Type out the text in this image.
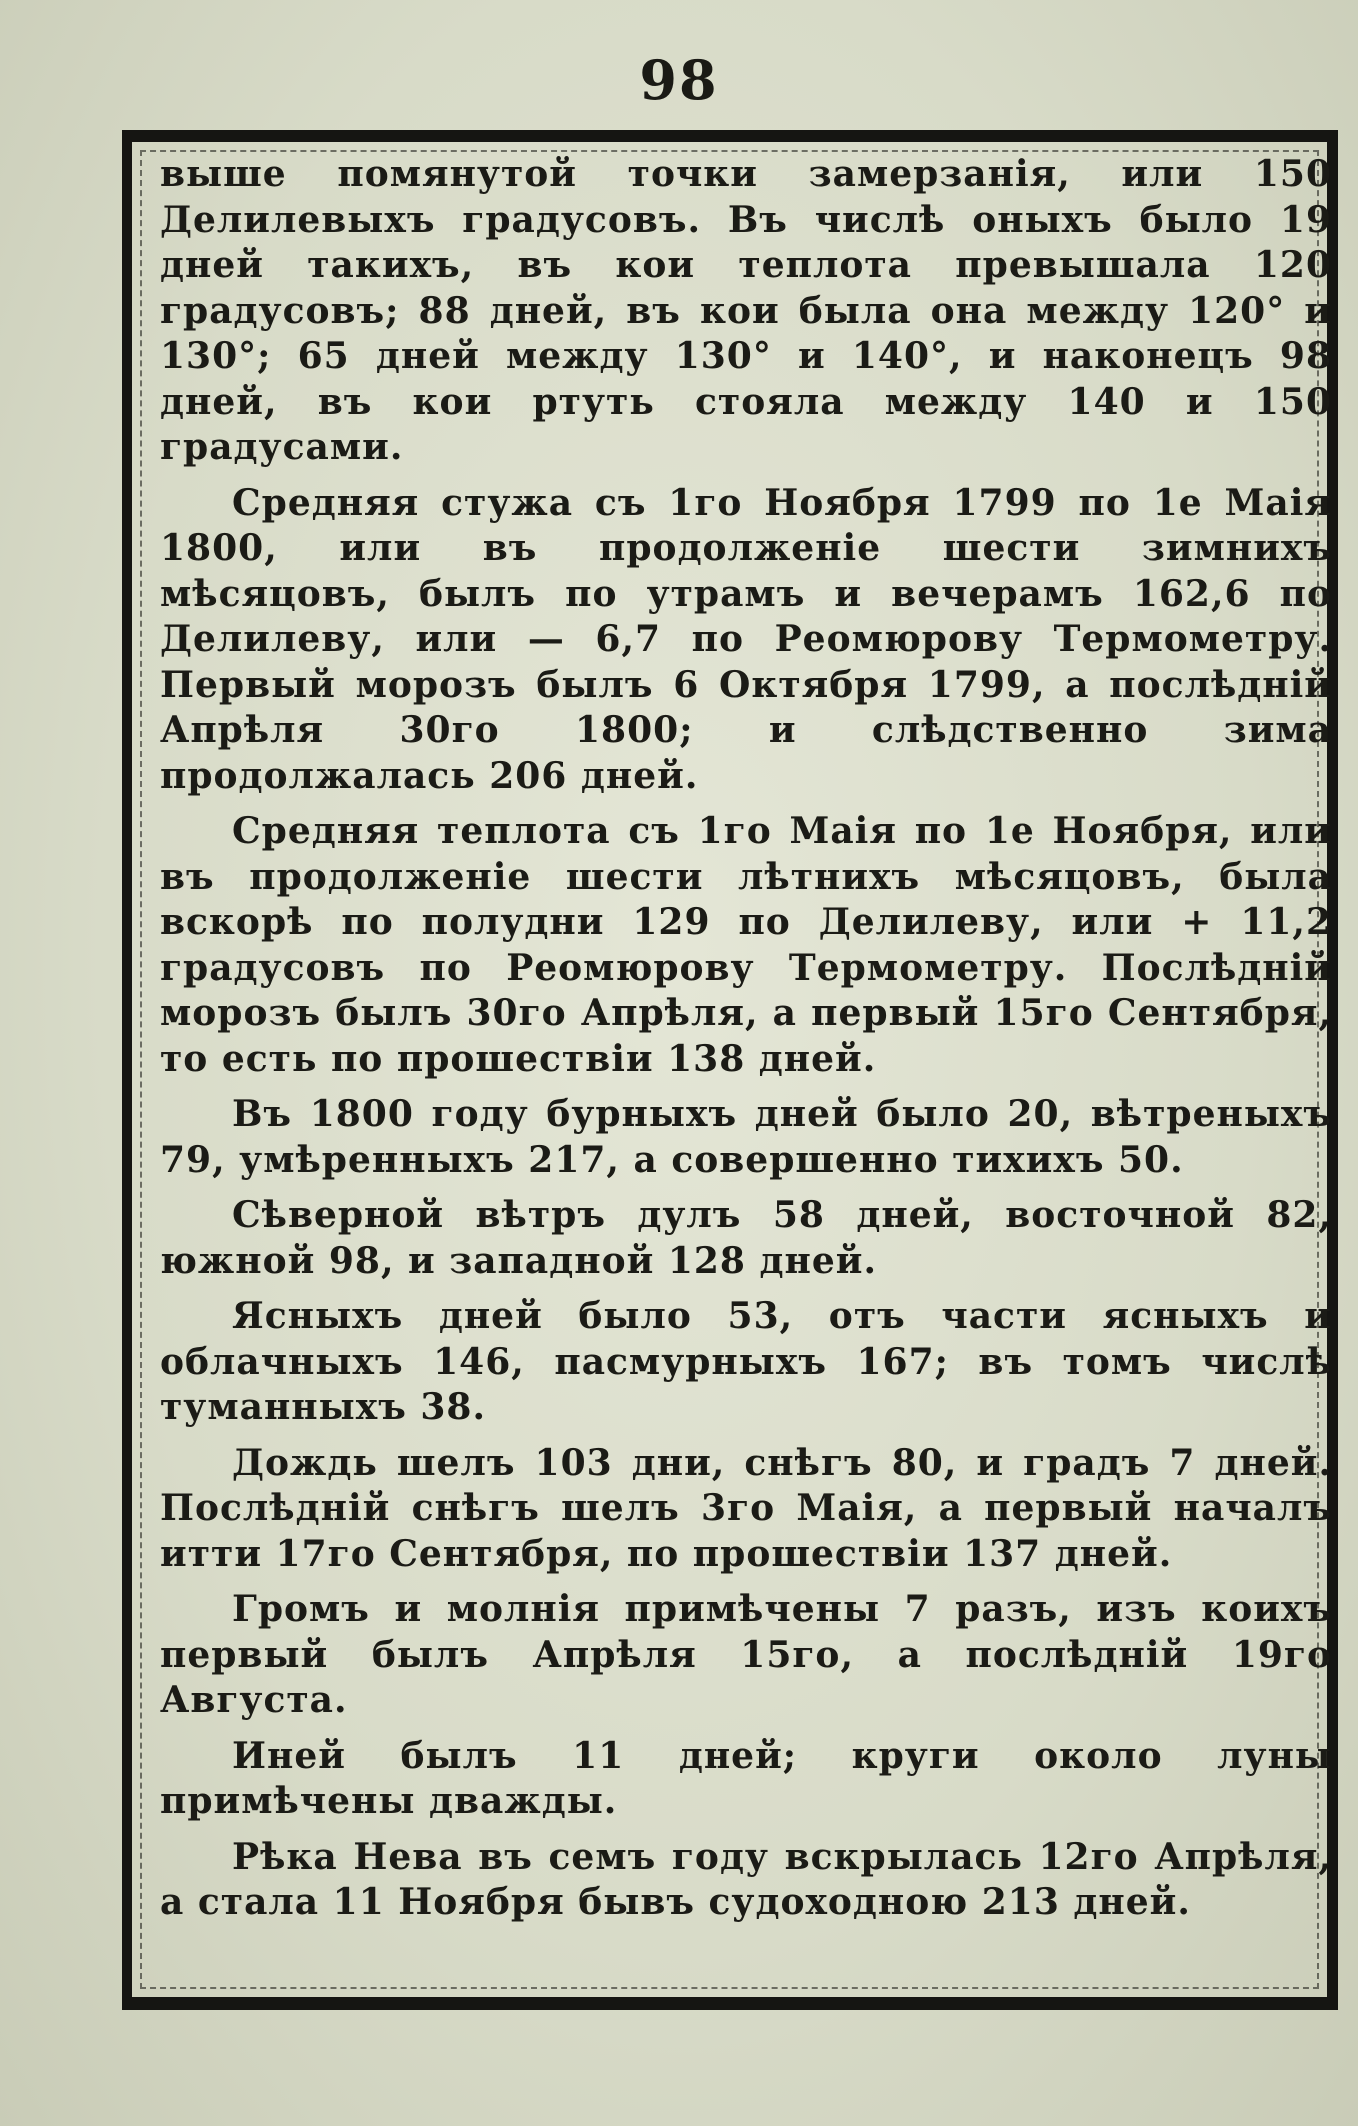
98

выше помянутой точки замерзанія, или 150 Делилевыхъ градусовъ. Въ числѣ оныхъ было 19 дней такихъ, въ кои теплота превышала 120 градусовъ; 88 дней, въ кои была она между 120° и 130°; 65 дней между 130° и 140°, и наконецъ 98 дней, въ кои ртуть стояла между 140 и 150 градусами.

Средняя стужа съ 1го Ноября 1799 по 1е Маія 1800, или въ продолженіе шести зимнихъ мѣсяцовъ, былъ по утрамъ и вечерамъ 162,6 по Делилеву, или — 6,7 по Реомюрову Термометру. Первый морозъ былъ 6 Октября 1799, а послѣдній Апрѣля 30го 1800; и слѣдственно зима продолжалась 206 дней.

Средняя теплота съ 1го Маія по 1е Ноября, или въ продолженіе шести лѣтнихъ мѣсяцовъ, была вскорѣ по полудни 129 по Делилеву, или + 11,2 градусовъ по Реомюрову Термометру. Послѣдній морозъ былъ 30го Апрѣля, а первый 15го Сентября, то есть по прошествіи 138 дней.

Въ 1800 году бурныхъ дней было 20, вѣтреныхъ 79, умѣренныхъ 217, а совершенно тихихъ 50.

Сѣверной вѣтръ дулъ 58 дней, восточной 82, южной 98, и западной 128 дней.

Ясныхъ дней было 53, отъ части ясныхъ и облачныхъ 146, пасмурныхъ 167; въ томъ числѣ туманныхъ 38.

Дождь шелъ 103 дни, снѣгъ 80, и градъ 7 дней. Послѣдній снѣгъ шелъ 3го Маія, а первый началъ итти 17го Сентября, по прошествіи 137 дней.

Громъ и молнія примѣчены 7 разъ, изъ коихъ первый былъ Апрѣля 15го, а послѣдній 19го Августа.

Иней былъ 11 дней; круги около луны примѣчены дважды.

Рѣка Нева въ семъ году вскрылась 12го Апрѣля, а стала 11 Ноября бывъ судоходною 213 дней.
